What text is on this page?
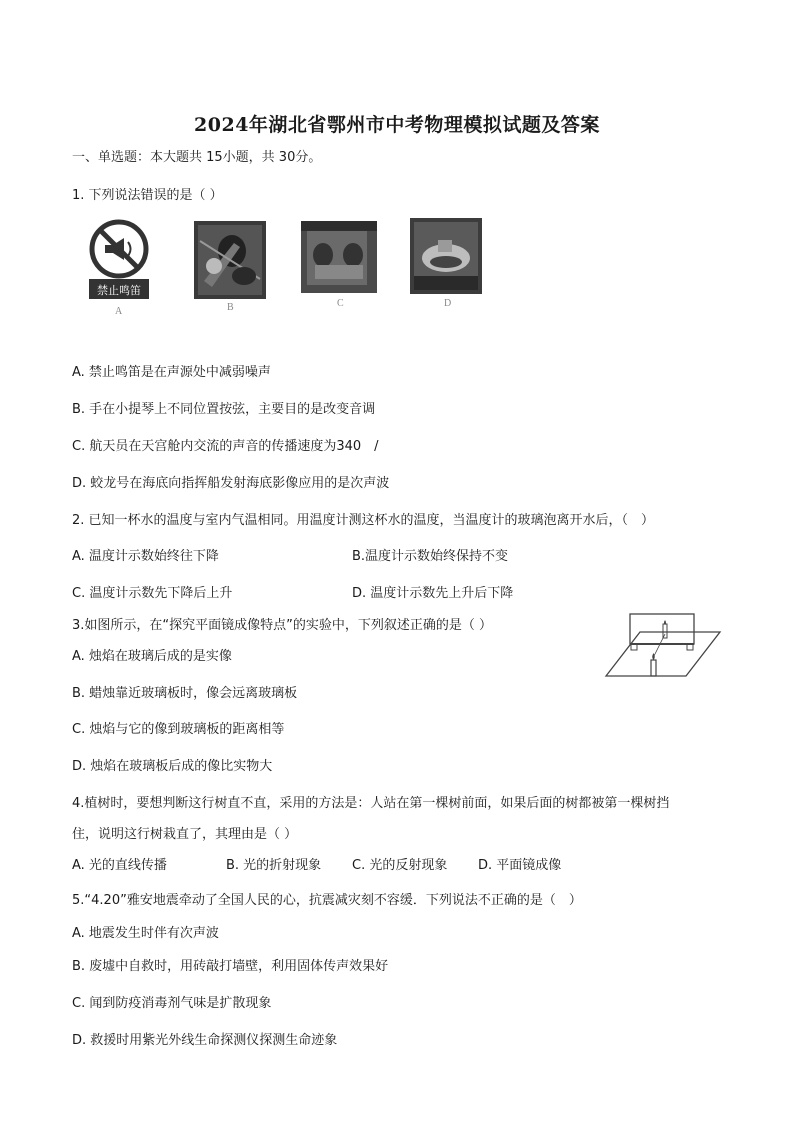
2024年湖北省鄂州市中考物理模拟试题及答案
一、单选题：本大题共 15小题，共 30分。
1. 下列说法错误的是（ ）
禁止鸣笛
A	B	C	D
A. 禁止鸣笛是在声源处中减弱噪声
B. 手在小提琴上不同位置按弦，主要目的是改变音调
C. 航天员在天宫舱内交流的声音的传播速度为340　/
D. 蛟龙号在海底向指挥船发射海底影像应用的是次声波
2. 已知一杯水的温度与室内气温相同。用温度计测这杯水的温度，当温度计的玻璃泡离开水后，（　）
A. 温度计示数始终往下降	B.温度计示数始终保持不变
C. 温度计示数先下降后上升	D. 温度计示数先上升后下降
3.如图所示，在“探究平面镜成像特点”的实验中，下列叙述正确的是（ ）
A. 烛焰在玻璃后成的是实像
B. 蜡烛靠近玻璃板时，像会远离玻璃板
C. 烛焰与它的像到玻璃板的距离相等
D. 烛焰在玻璃板后成的像比实物大
4.植树时，要想判断这行树直不直，采用的方法是：人站在第一棵树前面，如果后面的树都被第一棵树挡
住，说明这行树栽直了，其理由是（ ）
A. 光的直线传播	B. 光的折射现象 C. 光的反射现象 D. 平面镜成像
5.“4.20”雅安地震牵动了全国人民的心，抗震减灾刻不容缓．下列说法不正确的是（　）
A. 地震发生时伴有次声波
B. 废墟中自救时，用砖敲打墙壁，利用固体传声效果好
C. 闻到防疫消毒剂气味是扩散现象
D. 救援时用紫光外线生命探测仪探测生命迹象
